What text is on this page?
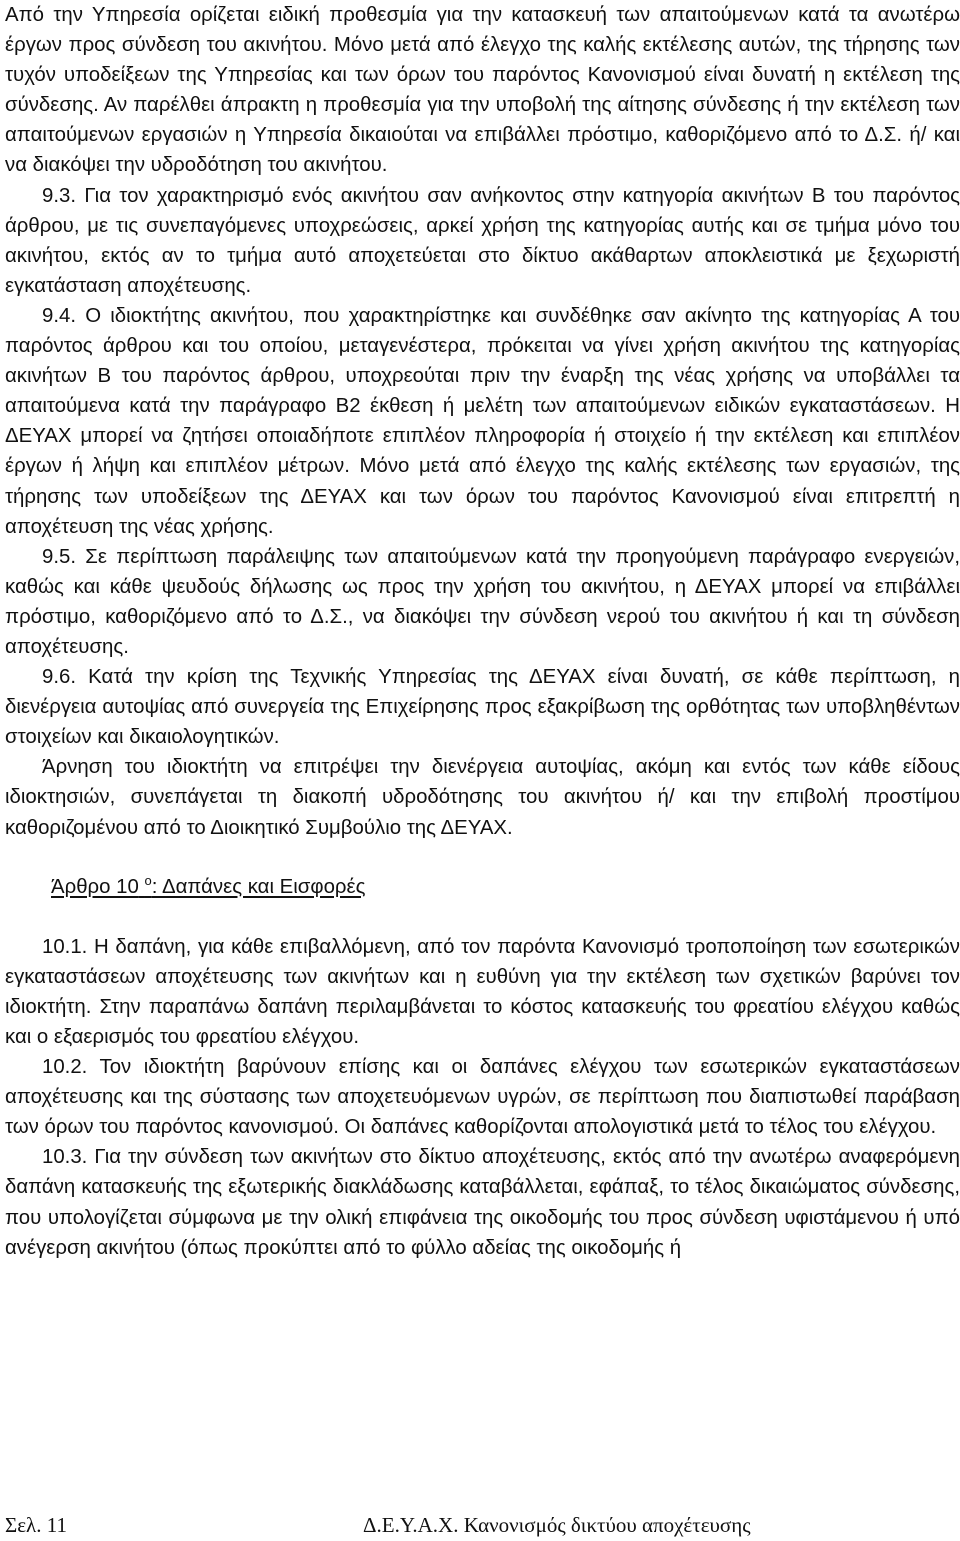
Από την Υπηρεσία ορίζεται ειδική προθεσμία για την κατασκευή των απαιτούμενων κατά τα ανωτέρω έργων προς σύνδεση του ακινήτου. Μόνο μετά από έλεγχο της καλής εκτέλεσης αυτών, της τήρησης των τυχόν υποδείξεων της Υπηρεσίας και των όρων του παρόντος Κανονισμού είναι δυνατή η εκτέλεση της σύνδεσης. Αν παρέλθει άπρακτη η προθεσμία για την υποβολή της αίτησης σύνδεσης ή την εκτέλεση των απαιτούμενων εργασιών η Υπηρεσία δικαιούται να επιβάλλει πρόστιμο, καθοριζόμενο από το Δ.Σ. ή/ και να διακόψει την υδροδότηση του ακινήτου.

9.3. Για τον χαρακτηρισμό ενός ακινήτου σαν ανήκοντος στην κατηγορία ακινήτων Β του παρόντος άρθρου, με τις συνεπαγόμενες υποχρεώσεις, αρκεί χρήση της κατηγορίας αυτής και σε τμήμα μόνο του ακινήτου, εκτός αν το τμήμα αυτό αποχετεύεται στο δίκτυο ακάθαρτων αποκλειστικά με ξεχωριστή εγκατάσταση αποχέτευσης.

9.4. Ο ιδιοκτήτης ακινήτου, που χαρακτηρίστηκε και συνδέθηκε σαν ακίνητο της κατηγορίας Α του παρόντος άρθρου και του οποίου, μεταγενέστερα, πρόκειται να γίνει χρήση ακινήτου της κατηγορίας ακινήτων Β του παρόντος άρθρου, υποχρεούται πριν την έναρξη της νέας χρήσης να υποβάλλει τα απαιτούμενα κατά την παράγραφο Β2 έκθεση ή μελέτη των απαιτούμενων ειδικών εγκαταστάσεων. Η ΔΕΥΑΧ μπορεί να ζητήσει οποιαδήποτε επιπλέον πληροφορία ή στοιχείο ή την εκτέλεση και επιπλέον έργων ή λήψη και επιπλέον μέτρων. Μόνο μετά από έλεγχο της καλής εκτέλεσης των εργασιών, της τήρησης των υποδείξεων της ΔΕΥΑΧ και των όρων του παρόντος Κανονισμού είναι επιτρεπτή η αποχέτευση της νέας χρήσης.

9.5. Σε περίπτωση παράλειψης των απαιτούμενων κατά την προηγούμενη παράγραφο ενεργειών, καθώς και κάθε ψευδούς δήλωσης ως προς την χρήση του ακινήτου, η ΔΕΥΑΧ μπορεί να επιβάλλει πρόστιμο, καθοριζόμενο από το Δ.Σ., να διακόψει την σύνδεση νερού του ακινήτου ή και τη σύνδεση αποχέτευσης.

9.6. Κατά την κρίση της Τεχνικής Υπηρεσίας της ΔΕΥΑΧ είναι δυνατή, σε κάθε περίπτωση, η διενέργεια αυτοψίας από συνεργεία της Επιχείρησης προς εξακρίβωση της ορθότητας των υποβληθέντων στοιχείων και δικαιολογητικών.

Άρνηση του ιδιοκτήτη να επιτρέψει την διενέργεια αυτοψίας, ακόμη και εντός των κάθε είδους ιδιοκτησιών, συνεπάγεται τη διακοπή υδροδότησης του ακινήτου ή/ και την επιβολή προστίμου καθοριζομένου από το Διοικητικό Συμβούλιο της ΔΕΥΑΧ.

Άρθρο 10 $^o$: Δαπάνες και Εισφορές

10.1. Η δαπάνη, για κάθε επιβαλλόμενη, από τον παρόντα Κανονισμό τροποποίηση των εσωτερικών εγκαταστάσεων αποχέτευσης των ακινήτων και η ευθύνη για την εκτέλεση των σχετικών βαρύνει τον ιδιοκτήτη. Στην παραπάνω δαπάνη περιλαμβάνεται το κόστος κατασκευής του φρεατίου ελέγχου καθώς και ο εξαερισμός του φρεατίου ελέγχου.

10.2. Τον ιδιοκτήτη βαρύνουν επίσης και οι δαπάνες ελέγχου των εσωτερικών εγκαταστάσεων αποχέτευσης και της σύστασης των αποχετευόμενων υγρών, σε περίπτωση που διαπιστωθεί παράβαση των όρων του παρόντος κανονισμού. Οι δαπάνες καθορίζονται απολογιστικά μετά το τέλος του ελέγχου.

10.3. Για την σύνδεση των ακινήτων στο δίκτυο αποχέτευσης, εκτός από την ανωτέρω αναφερόμενη δαπάνη κατασκευής της εξωτερικής διακλάδωσης καταβάλλεται, εφάπαξ, το τέλος δικαιώματος σύνδεσης, που υπολογίζεται σύμφωνα με την ολική επιφάνεια της οικοδομής του προς σύνδεση υφιστάμενου ή υπό ανέγερση ακινήτου (όπως προκύπτει από το φύλλο αδείας της οικοδομής ή

Σελ. 11	Δ.Ε.Υ.Α.Χ. Κανονισμός δικτύου αποχέτευσης
